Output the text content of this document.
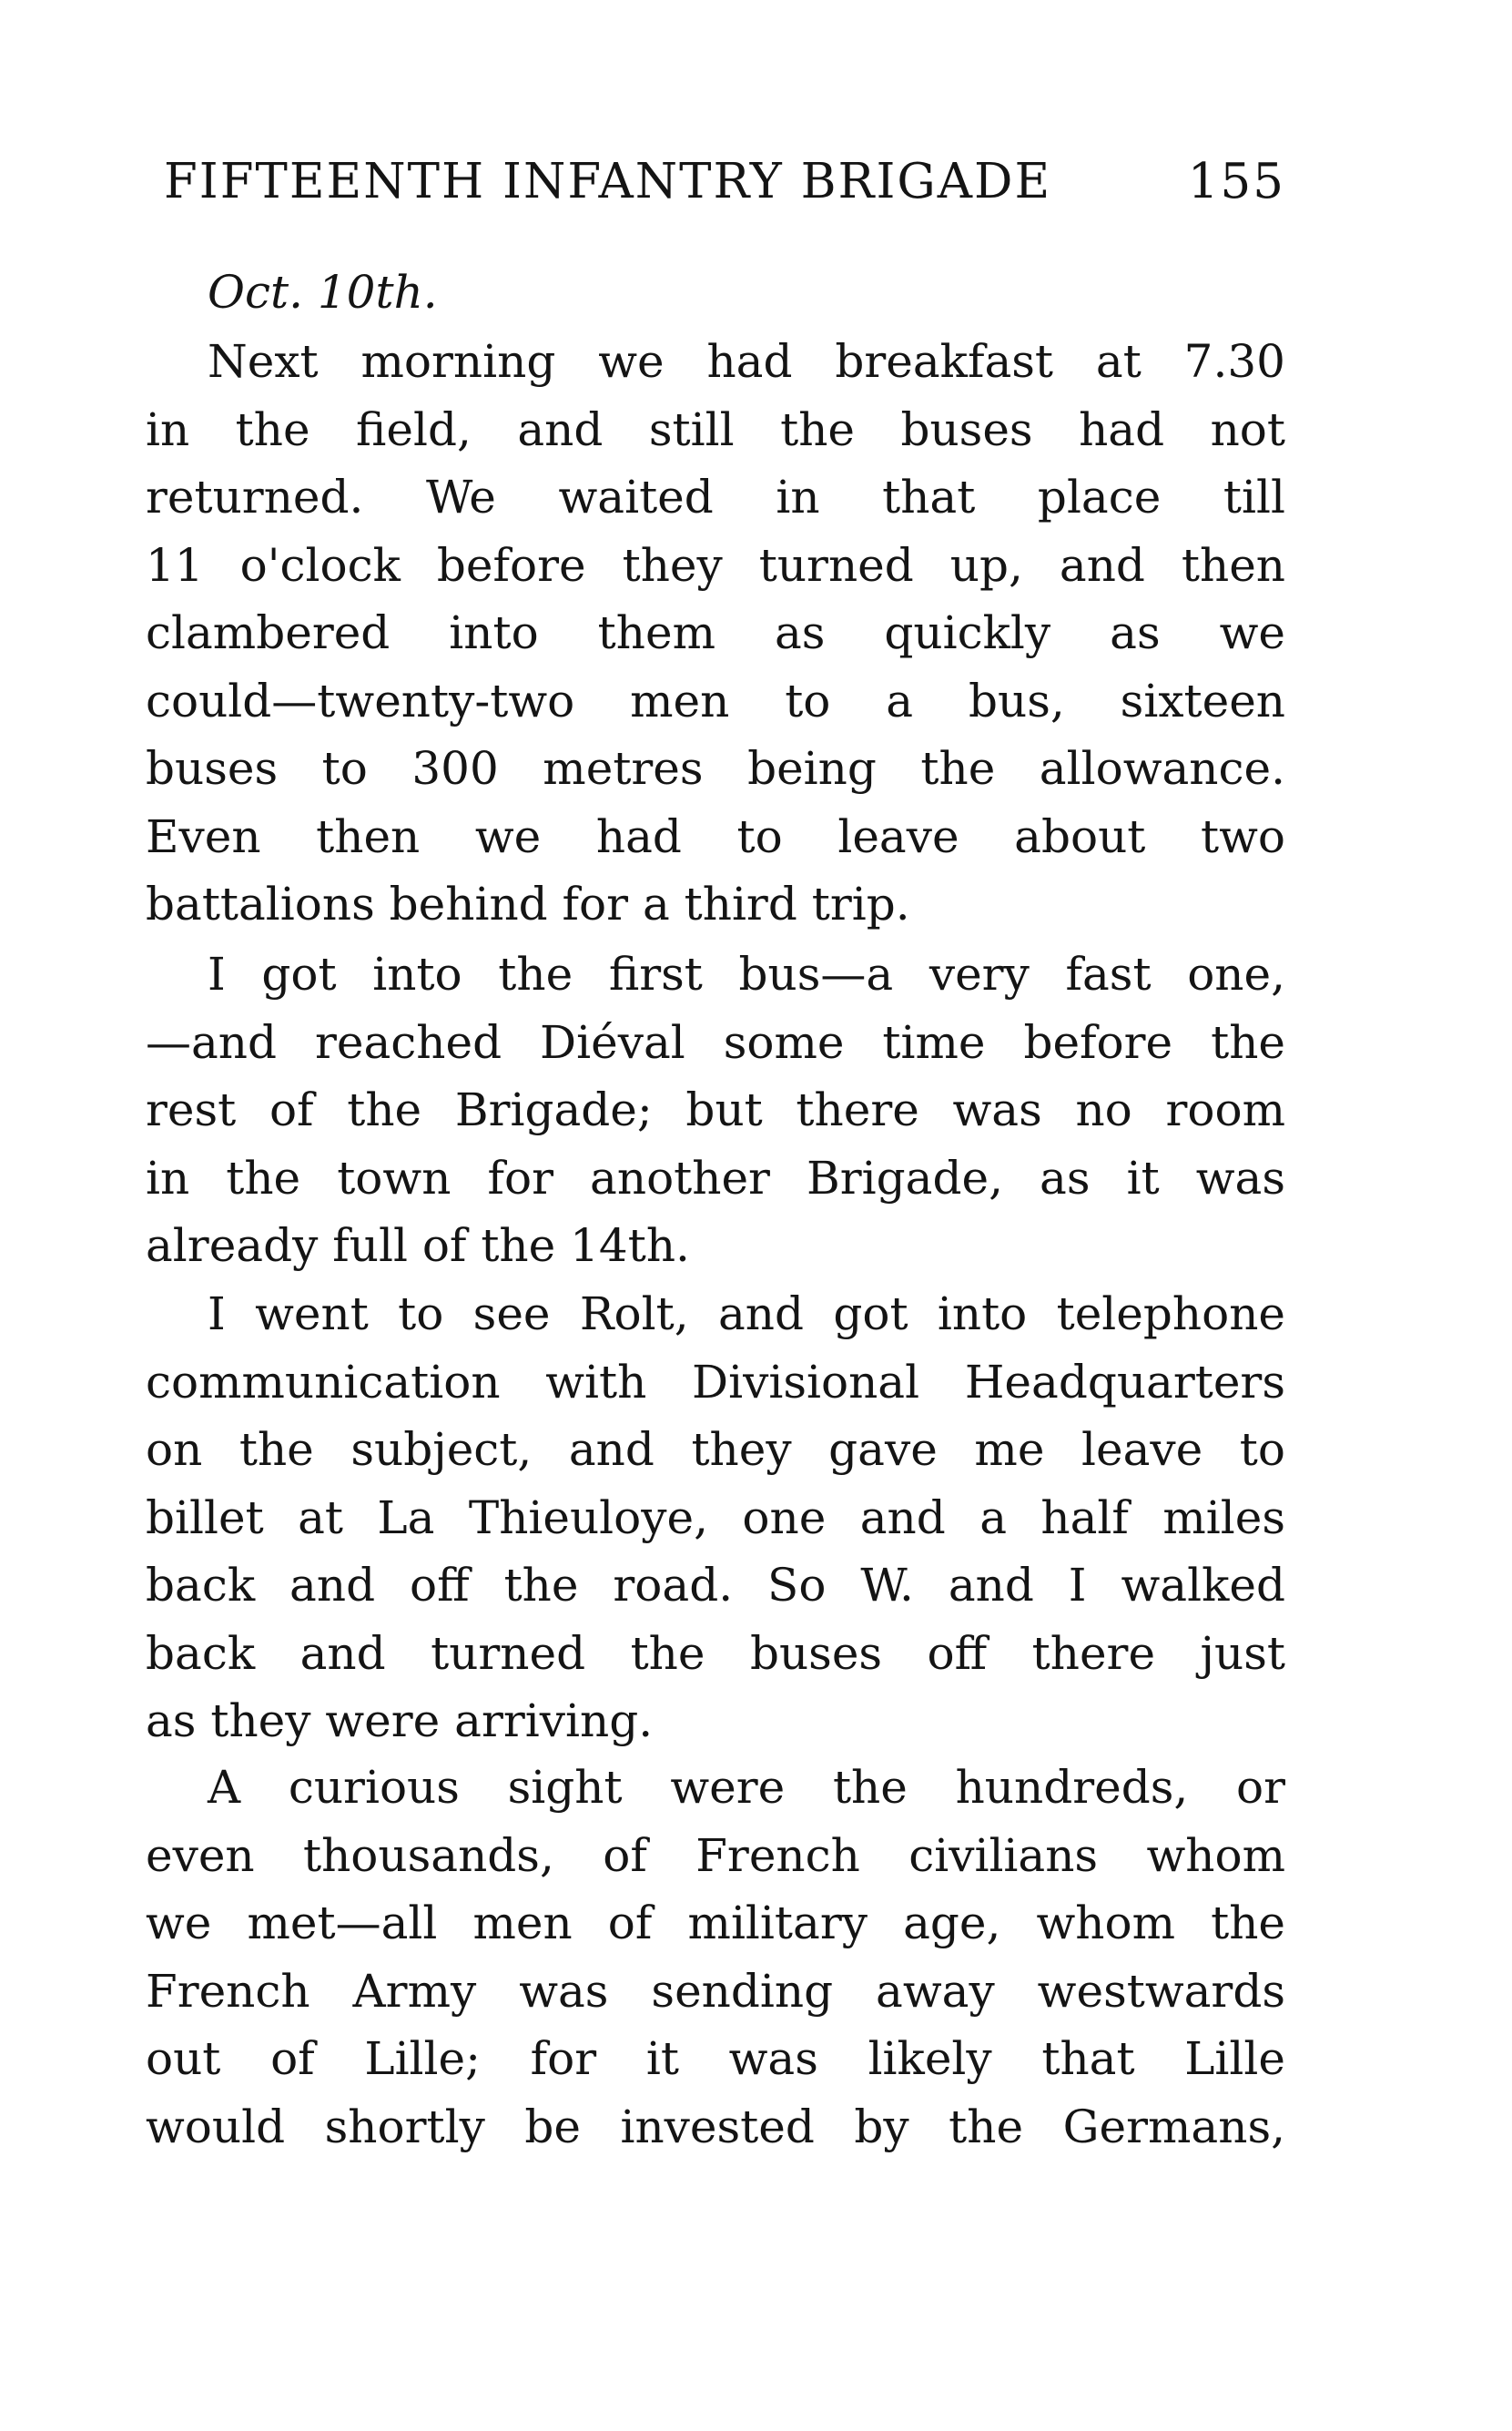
FIFTEENTH INFANTRY BRIGADE	155
Oct. 10th.
Next morning we had breakfast at 7.30
in the field, and still the buses had not
returned. We waited in that place till
11 o'clock before they turned up, and then
clambered into them as quickly as we
could—twenty-two men to a bus, sixteen
buses to 300 metres being the allowance.
Even then we had to leave about two
battalions behind for a third trip.
I got into the first bus—a very fast one,
—and reached Diéval some time before the
rest of the Brigade; but there was no room
in the town for another Brigade, as it was
already full of the 14th.
I went to see Rolt, and got into telephone
communication with Divisional Headquarters
on the subject, and they gave me leave to
billet at La Thieuloye, one and a half miles
back and off the road. So W. and I walked
back and turned the buses off there just
as they were arriving.
A curious sight were the hundreds, or
even thousands, of French civilians whom
we met—all men of military age, whom the
French Army was sending away westwards
out of Lille; for it was likely that Lille
would shortly be invested by the Germans,
